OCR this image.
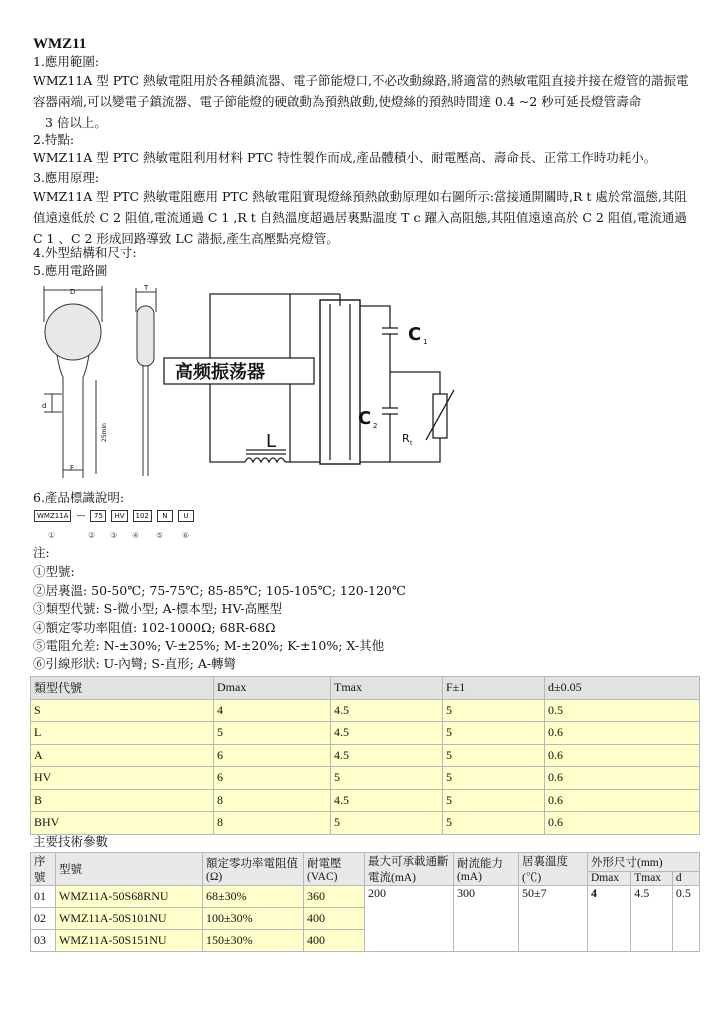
WMZ11
1.應用範圍:
WMZ11A 型 PTC 熱敏電阻用於各種鎮流器、電子節能燈口,不必改動線路,將適當的熱敏電阻直接并接在燈管的諧振電容器兩端,可以變電子鎮流器、電子節能燈的硬啟動為預熱啟動,使燈絲的預熱時間達 0.4 ~2 秒可延長燈管壽命
3 倍以上。
2.特點:
WMZ11A 型 PTC 熱敏電阻利用材料 PTC 特性製作而成,產品體積小、耐電壓高、壽命長、正常工作時功耗小。
3.應用原理:
WMZ11A 型 PTC 熱敏電阻應用 PTC 熱敏電阻實現燈絲預熱啟動原理如右圖所示:當接通開關時,R t 處於常溫態,其阻值遠遠低於 C 2 阻值,電流通過 C 1 ,R t 自熱溫度超過居裏點溫度 T c 躍入高阻態,其阻值遠遠高於 C 2 阻值,電流通過 C 1 、C 2 形成回路導致 LC 諧振,產生高壓點亮燈管。
4.外型結構和尺寸:
5.應用電路圖
D
d
F
25min
T
高频振荡器
L
C 1
C 2
R t
6.產品標識說明:
WMZ11A —	75	HV	102	N	U
①	② ③ ④ ⑤ ⑥
注:
①型號:
②居裏溫: 50-50℃; 75-75℃; 85-85℃; 105-105℃; 120-120℃
③類型代號: S-微小型; A-標本型; HV-高壓型
④額定零功率阻值: 102-1000Ω; 68R-68Ω
⑤電阻允差: N-±30%; V-±25%; M-±20%; K-±10%; X-其他
⑥引線形狀: U-內彎; S-直形; A-轉彎
類型代號	Dmax	Tmax	F±1	d±0.05
S	4	4.5	5	0.5
L	5	4.5	5	0.6
A	6	4.5	5	0.6
HV	6	5	5	0.6
B	8	4.5	5	0.6
BHV	8	5	5	0.6
主要技術參數
序號	型號	額定零功率電阻值(Ω)	耐電壓(VAC)	最大可承載通斷電流(mA)	耐流能力(mA)	居裏溫度(℃)	外形尺寸(mm)		
							Dmax	Tmax	d
01	WMZ11A-50S68RNU	68±30%	360	200	300	50±7	4	4.5	0.5
02	WMZ11A-50S101NU	100±30%	400						
03	WMZ11A-50S151NU	150±30%	400						
